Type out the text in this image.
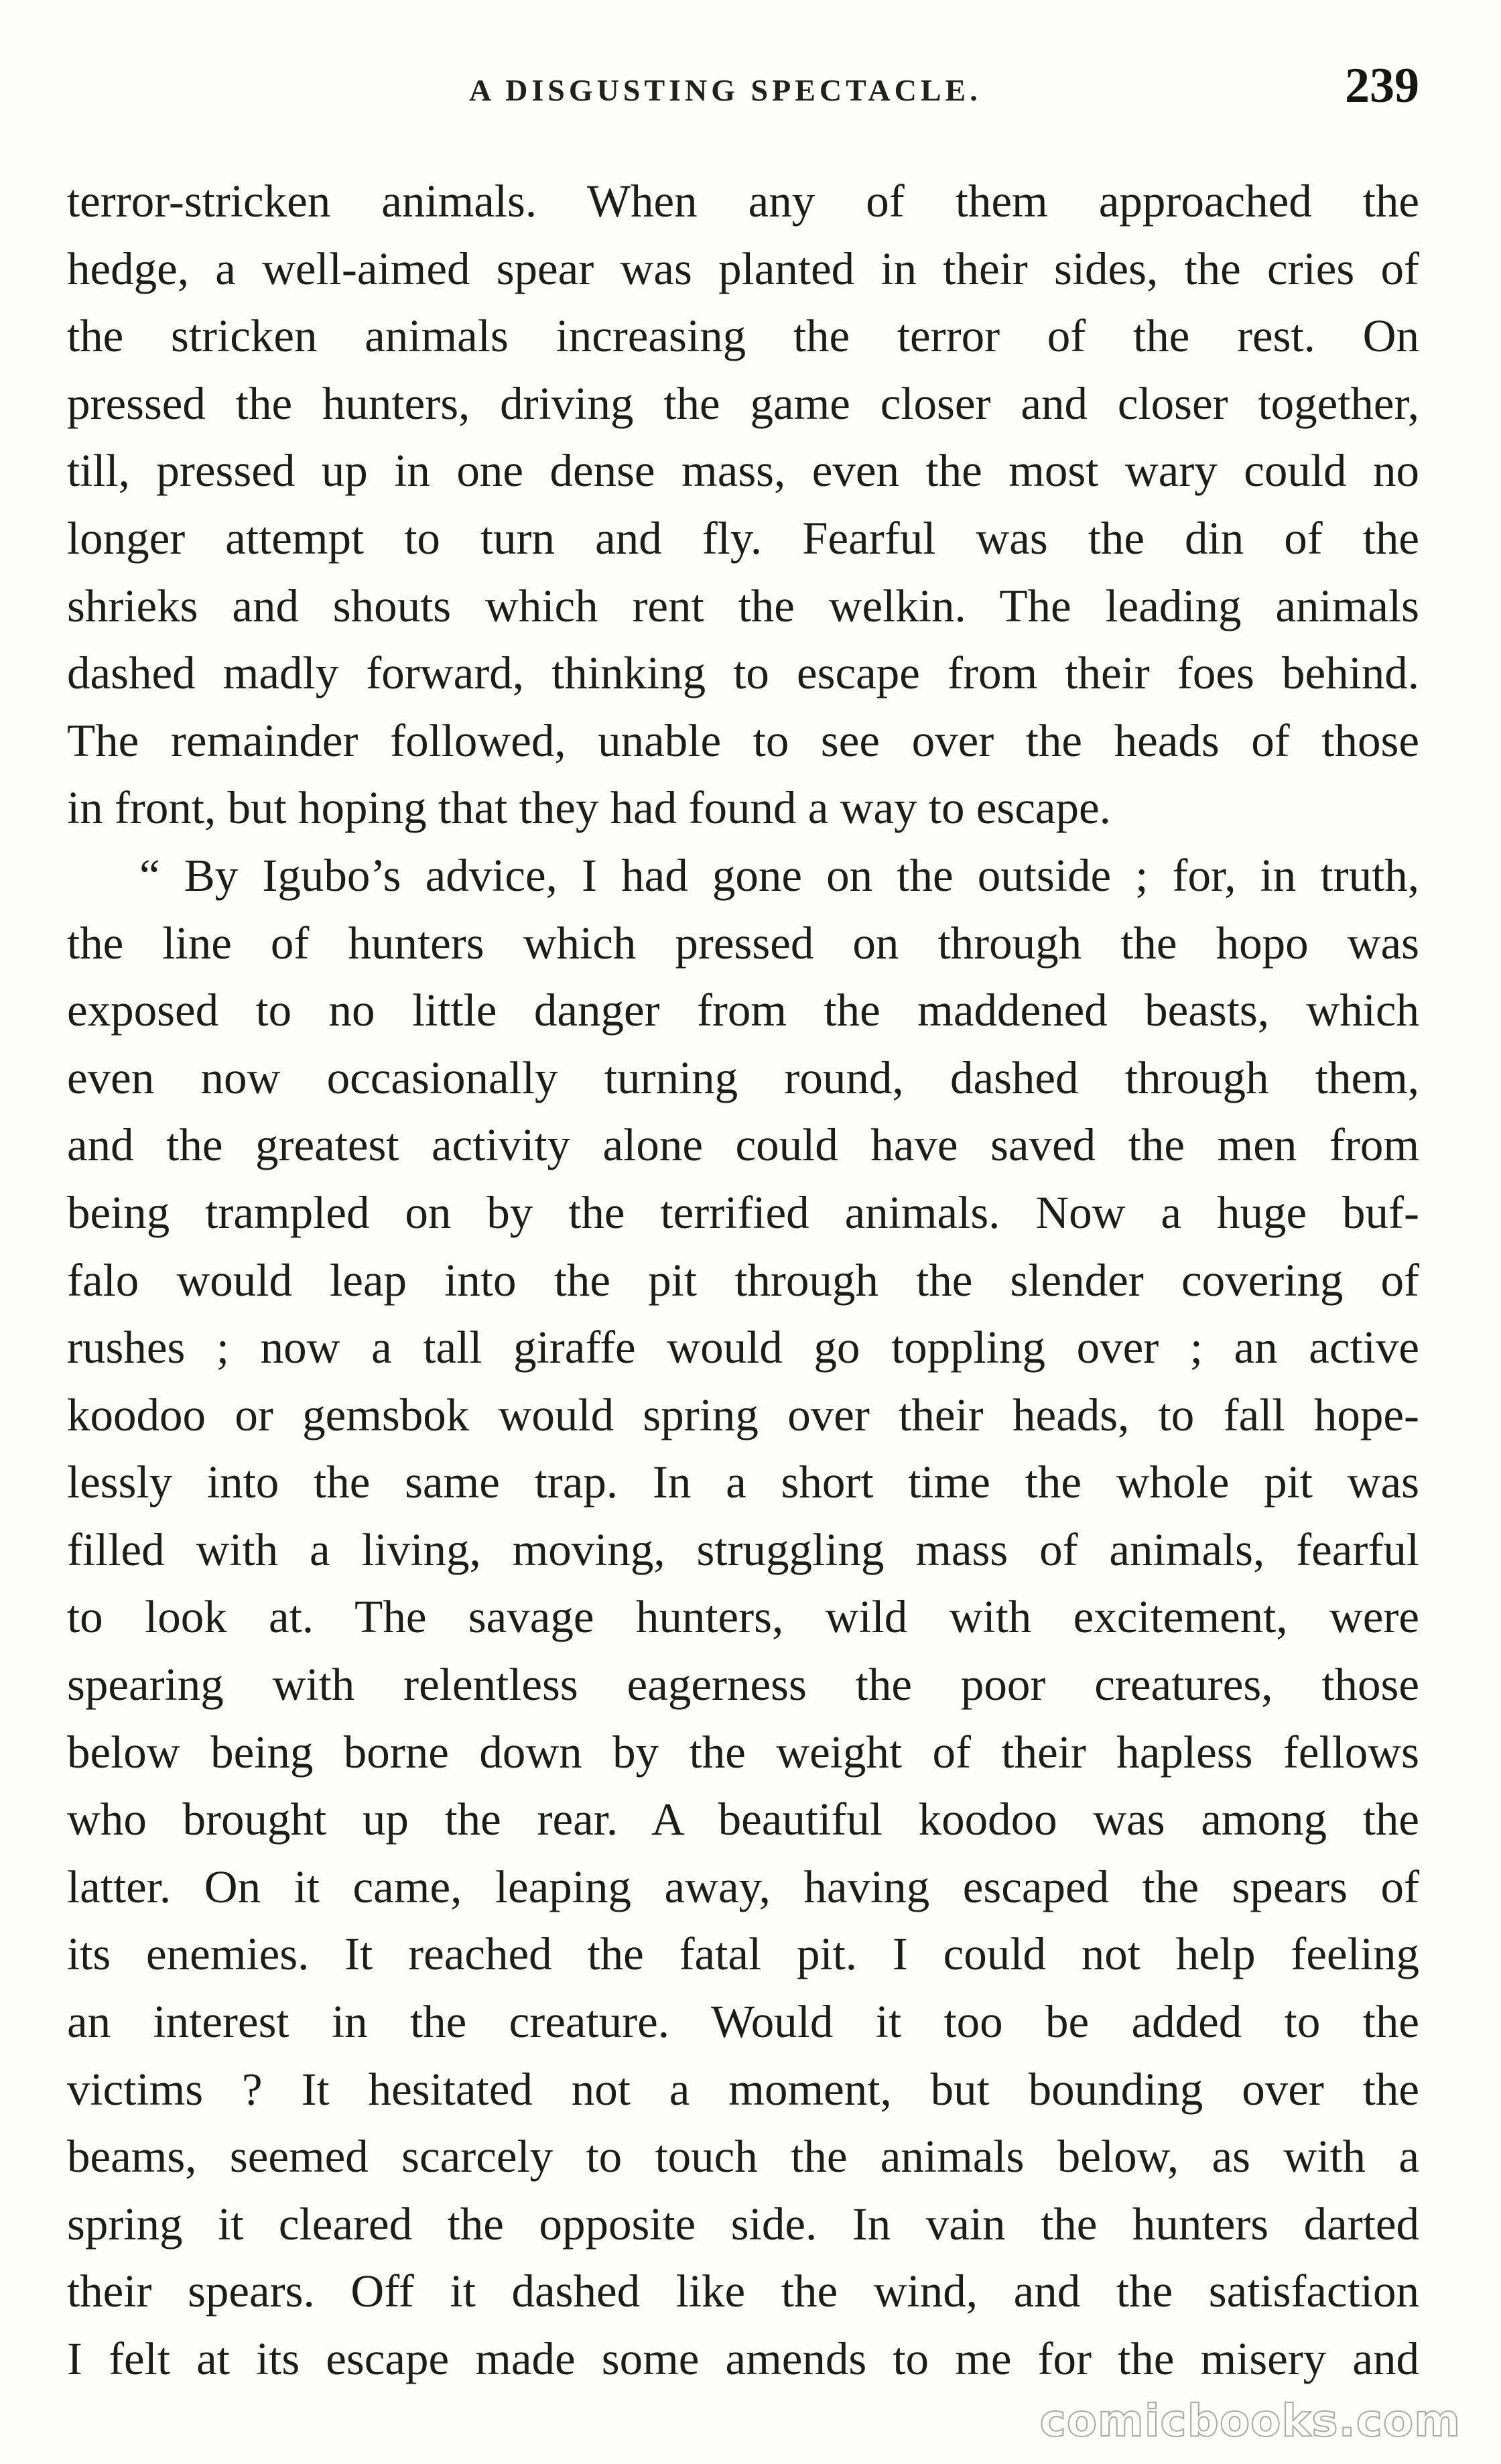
A DISGUSTING SPECTACLE.	239
terror-stricken animals. When any of them approached the
hedge, a well-aimed spear was planted in their sides, the cries of
the stricken animals increasing the terror of the rest. On
pressed the hunters, driving the game closer and closer together,
till, pressed up in one dense mass, even the most wary could no
longer attempt to turn and fly. Fearful was the din of the
shrieks and shouts which rent the welkin. The leading animals
dashed madly forward, thinking to escape from their foes behind.
The remainder followed, unable to see over the heads of those
in front, but hoping that they had found a way to escape.
“ By Igubo’s advice, I had gone on the outside ; for, in truth,
the line of hunters which pressed on through the hopo was
exposed to no little danger from the maddened beasts, which
even now occasionally turning round, dashed through them,
and the greatest activity alone could have saved the men from
being trampled on by the terrified animals. Now a huge buf-
falo would leap into the pit through the slender covering of
rushes ; now a tall giraffe would go toppling over ; an active
koodoo or gemsbok would spring over their heads, to fall hope-
lessly into the same trap. In a short time the whole pit was
filled with a living, moving, struggling mass of animals, fearful
to look at. The savage hunters, wild with excitement, were
spearing with relentless eagerness the poor creatures, those
below being borne down by the weight of their hapless fellows
who brought up the rear. A beautiful koodoo was among the
latter. On it came, leaping away, having escaped the spears of
its enemies. It reached the fatal pit. I could not help feeling
an interest in the creature. Would it too be added to the
victims ? It hesitated not a moment, but bounding over the
beams, seemed scarcely to touch the animals below, as with a
spring it cleared the opposite side. In vain the hunters darted
their spears. Off it dashed like the wind, and the satisfaction
I felt at its escape made some amends to me for the misery and
comicbooks.com
